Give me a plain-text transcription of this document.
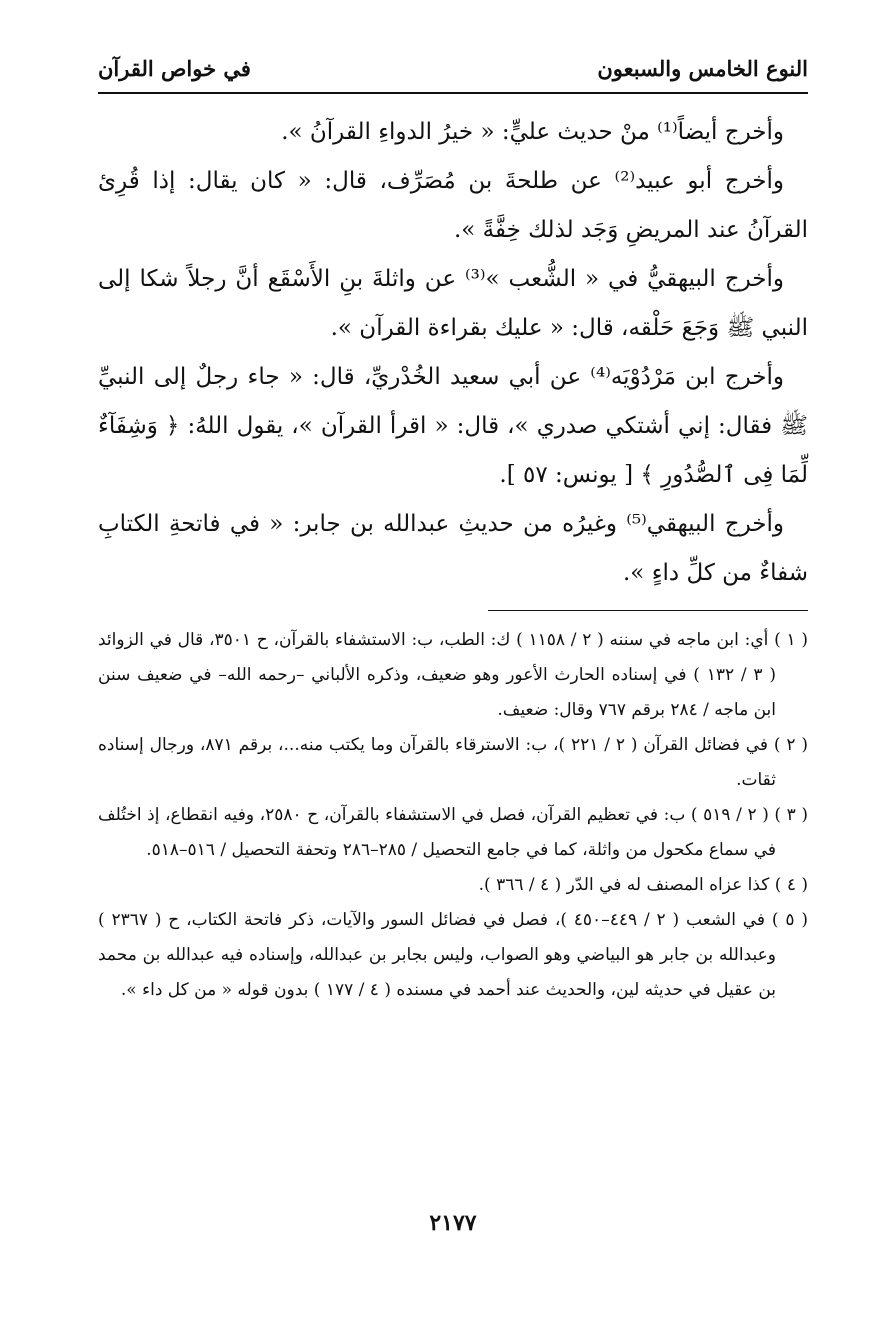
النوع الخامس والسبعون
في خواص القرآن

وأخرج أيضاً⁽¹⁾ منْ حديث عليٍّ: « خيرُ الدواءِ القرآنُ ».

وأخرج أبو عبيد⁽²⁾ عن طلحةَ بن مُصَرِّف، قال: « كان يقال: إذا قُرِئ القرآنُ عند المريضِ وَجَد لذلك خِفَّةً ».

وأخرج البيهقيُّ في « الشُّعب »⁽³⁾ عن واثلةَ بنِ الأَسْقَع أنَّ رجلاً شكا إلى النبي ﷺ وَجَعَ حَلْقه، قال: « عليك بقراءة القرآن ».

وأخرج ابن مَرْدُوْيَه⁽⁴⁾ عن أبي سعيد الخُدْريِّ، قال: « جاء رجلٌ إلى النبيِّ ﷺ فقال: إني أشتكي صدري »، قال: « اقرأ القرآن »، يقول اللهُ: ﴿ وَشِفَآءٌ لِّمَا فِى ٱلصُّدُورِ ﴾ [ يونس: ٥٧ ].

وأخرج البيهقي⁽⁵⁾ وغيرُه من حديثِ عبدالله بن جابر: « في فاتحةِ الكتابِ شفاءٌ من كلِّ داءٍ ».

( ١ ) أي: ابن ماجه في سننه ( ٢ / ١١٥٨ ) ك: الطب، ب: الاستشفاء بالقرآن، ح ٣٥٠١، قال في الزوائد ( ٣ / ١٣٢ ) في إسناده الحارث الأعور وهو ضعيف، وذكره الألباني –رحمه الله– في ضعيف سنن ابن ماجه / ٢٨٤ برقم ٧٦٧ وقال: ضعيف.

( ٢ ) في فضائل القرآن ( ٢ / ٢٢١ )، ب: الاسترقاء بالقرآن وما يكتب منه...، برقم ٨٧١، ورجال إسناده ثقات.

( ٣ ) ( ٢ / ٥١٩ ) ب: في تعظيم القرآن، فصل في الاستشفاء بالقرآن، ح ٢٥٨٠، وفيه انقطاع، إذ اختُلف في سماع مكحول من واثلة، كما في جامع التحصيل / ٢٨٥–٢٨٦ وتحفة التحصيل / ٥١٦–٥١٨.

( ٤ ) كذا عزاه المصنف له في الدّر ( ٤ / ٣٦٦ ).

( ٥ ) في الشعب ( ٢ / ٤٤٩–٤٥٠ )، فصل في فضائل السور والآيات، ذكر فاتحة الكتاب، ح ( ٢٣٦٧ ) وعبدالله بن جابر هو البياضي وهو الصواب، وليس بجابر بن عبدالله، وإسناده فيه عبدالله بن محمد بن عقيل في حديثه لين، والحديث عند أحمد في مسنده ( ٤ / ١٧٧ ) بدون قوله « من كل داء ».

٢١٧٧
